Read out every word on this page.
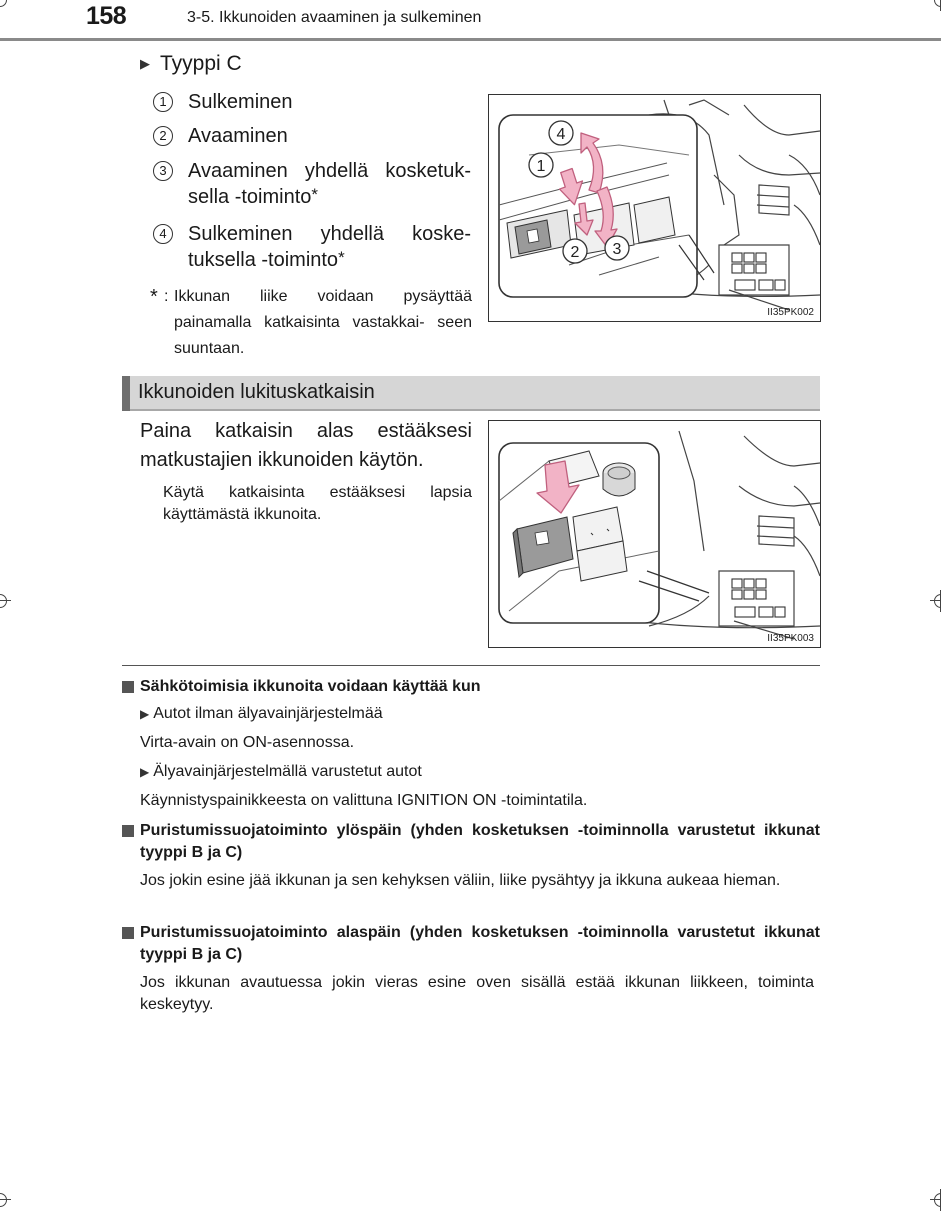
158	3-5. Ikkunoiden avaaminen ja sulkeminen
▶ Tyyppi C
1	Sulkeminen
2	Avaaminen
3	Avaaminen yhdellä kosketuk- sella -toiminto*
4	Sulkeminen yhdellä koske- tuksella -toiminto*
* : Ikkunan liike voidaan pysäyttää painamalla katkaisinta vastakkai- seen suuntaan.
4
1
2 3
II35PK002
Ikkunoiden lukituskatkaisin
Paina katkaisin alas estääksesi matkustajien ikkunoiden käytön.
Käytä katkaisinta estääksesi lapsia käyttämästä ikkunoita.
II35PK003
Sähkötoimisia ikkunoita voidaan käyttää kun
▶ Autot ilman älyavainjärjestelmää
Virta-avain on ON-asennossa.
▶ Älyavainjärjestelmällä varustetut autot
Käynnistyspainikkeesta on valittuna IGNITION ON -toimintatila.
Puristumissuojatoiminto ylöspäin (yhden kosketuksen -toiminnolla varustetut ikkunat tyyppi B ja C)
Jos jokin esine jää ikkunan ja sen kehyksen väliin, liike pysähtyy ja ikkuna aukeaa hieman.
Puristumissuojatoiminto alaspäin (yhden kosketuksen -toiminnolla varustetut ikkunat tyyppi B ja C)
Jos ikkunan avautuessa jokin vieras esine oven sisällä estää ikkunan liikkeen, toiminta keskeytyy.
